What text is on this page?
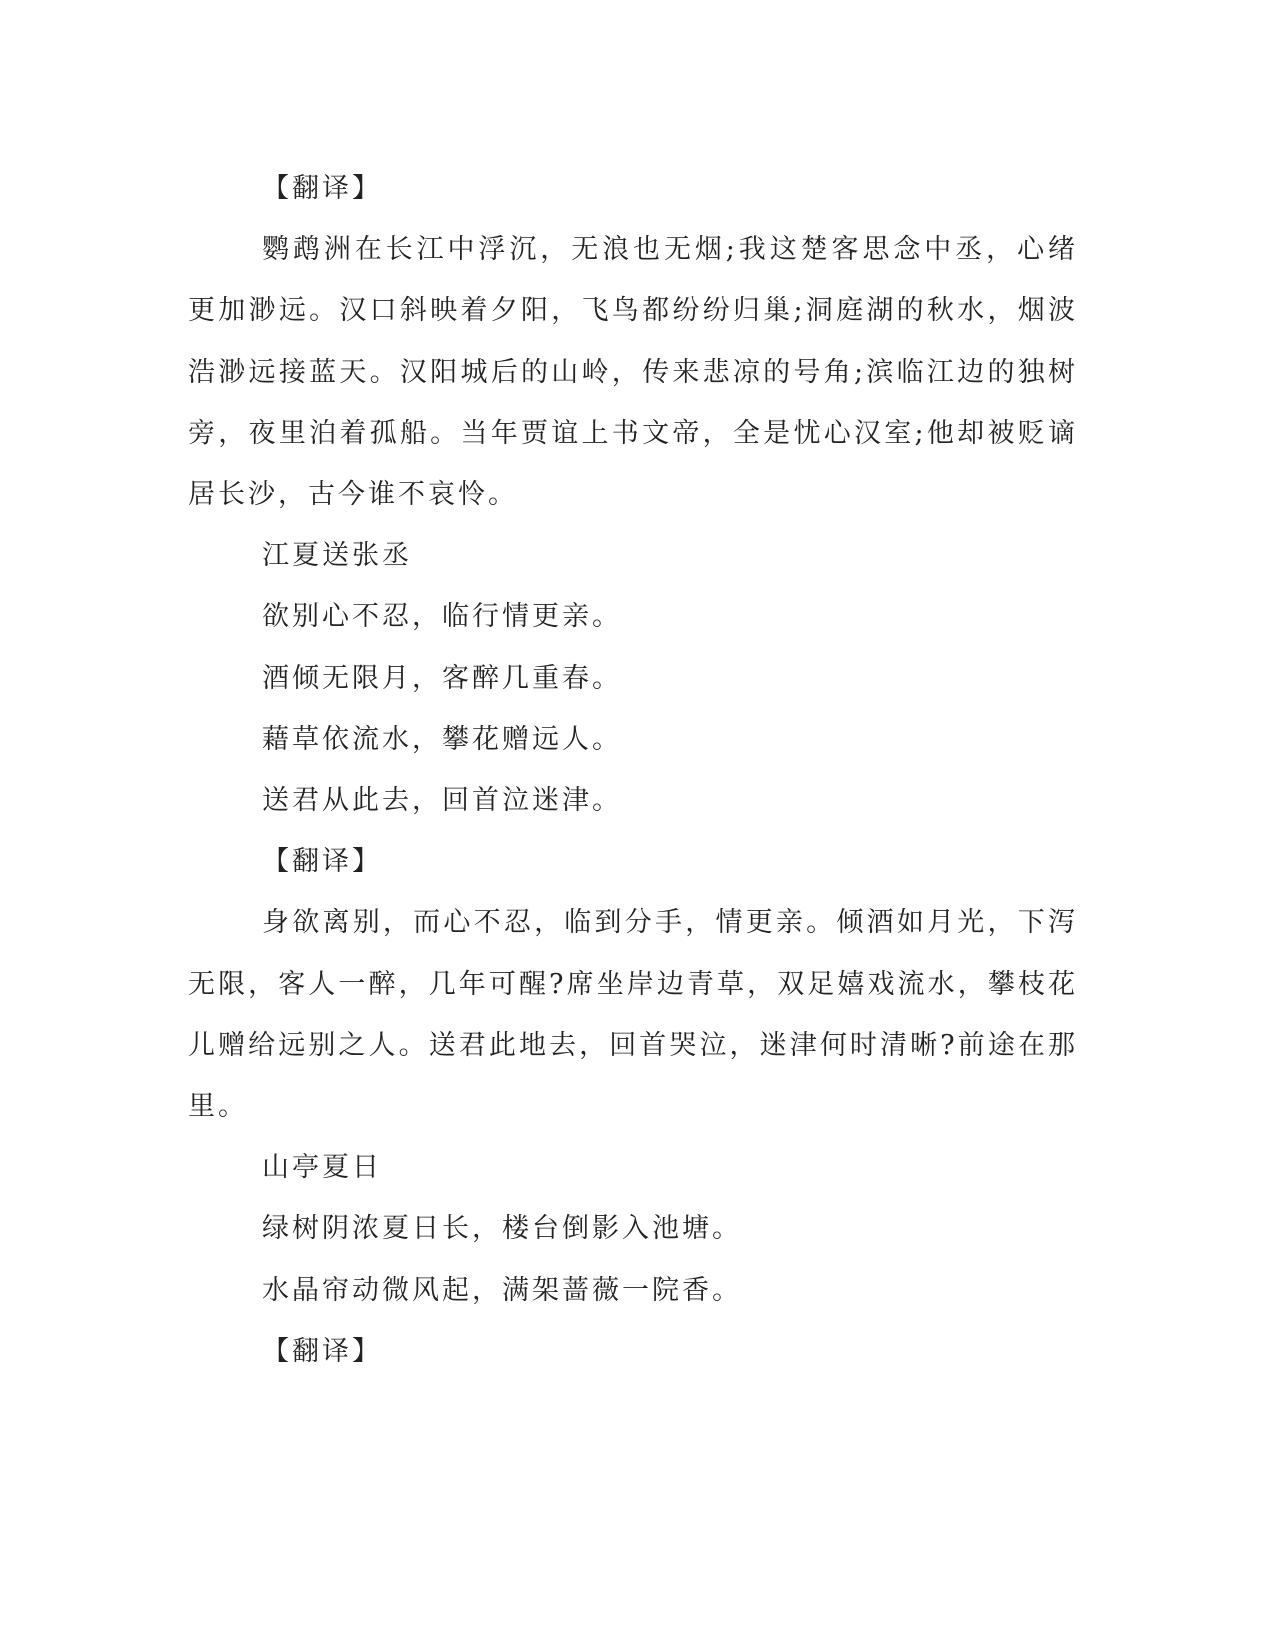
【翻译】

鹦鹉洲在长江中浮沉，无浪也无烟;我这楚客思念中丞，心绪更加渺远。汉口斜映着夕阳，飞鸟都纷纷归巢;洞庭湖的秋水，烟波浩渺远接蓝天。汉阳城后的山岭，传来悲凉的号角;滨临江边的独树旁，夜里泊着孤船。当年贾谊上书文帝，全是忧心汉室;他却被贬谪居长沙，古今谁不哀怜。

江夏送张丞

欲别心不忍，临行情更亲。

酒倾无限月，客醉几重春。

藉草依流水，攀花赠远人。

送君从此去，回首泣迷津。

【翻译】

身欲离别，而心不忍，临到分手，情更亲。倾酒如月光，下泻无限，客人一醉，几年可醒?席坐岸边青草，双足嬉戏流水，攀枝花儿赠给远别之人。送君此地去，回首哭泣，迷津何时清晰?前途在那里。

山亭夏日

绿树阴浓夏日长，楼台倒影入池塘。

水晶帘动微风起，满架蔷薇一院香。

【翻译】
